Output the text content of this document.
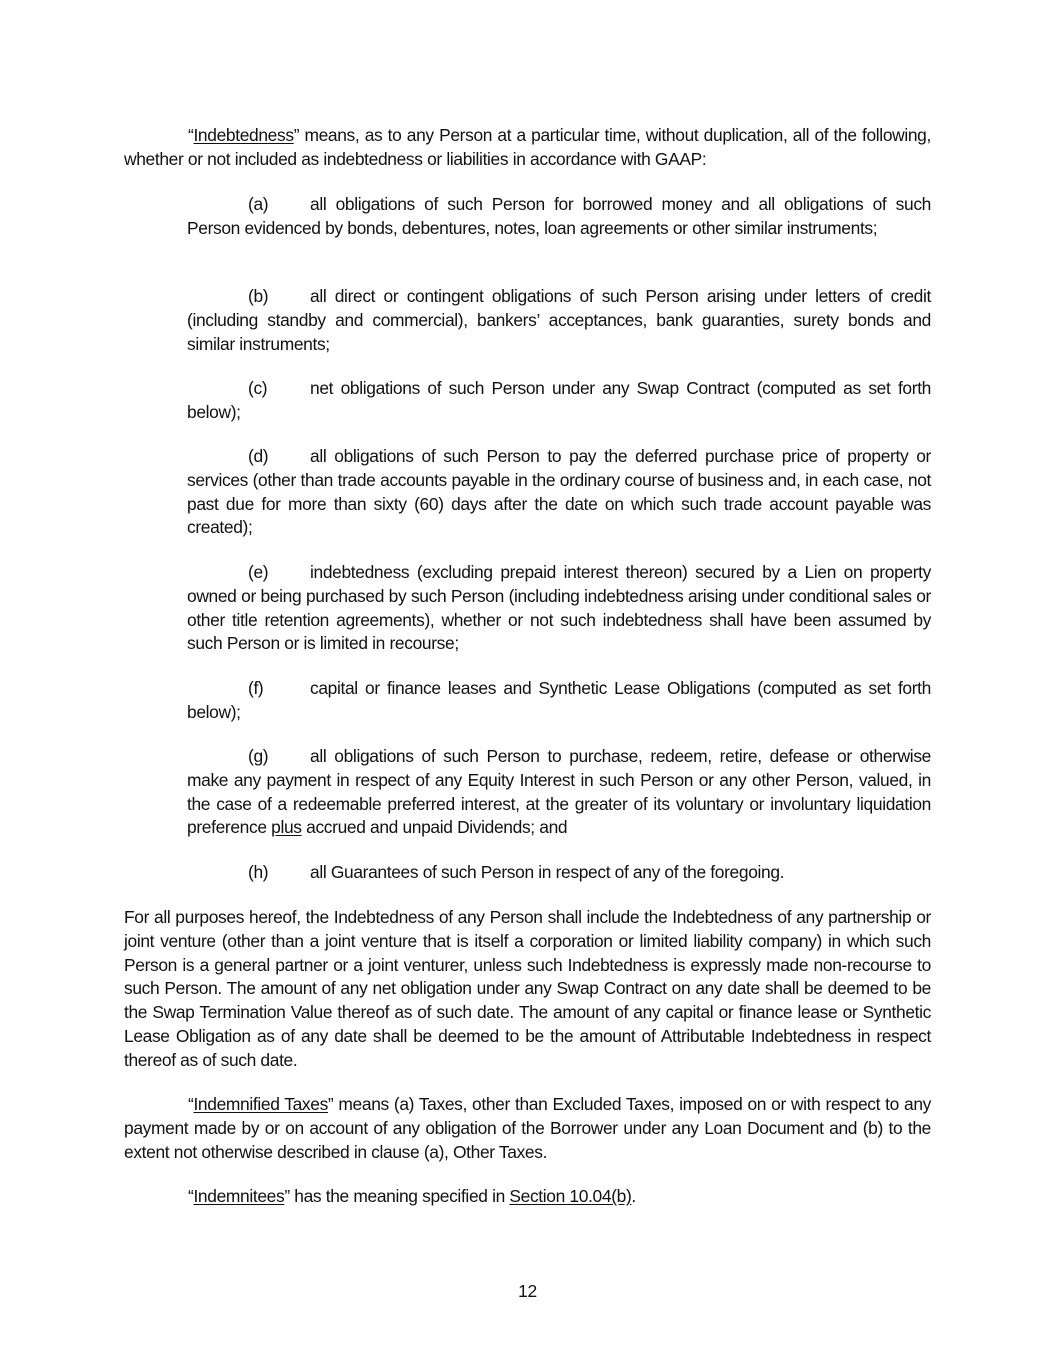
“Indebtedness” means, as to any Person at a particular time, without duplication, all of the following, whether or not included as indebtedness or liabilities in accordance with GAAP:

(a) all obligations of such Person for borrowed money and all obligations of such Person evidenced by bonds, debentures, notes, loan agreements or other similar instruments;

(b) all direct or contingent obligations of such Person arising under letters of credit (including standby and commercial), bankers’ acceptances, bank guaranties, surety bonds and similar instruments;

(c) net obligations of such Person under any Swap Contract (computed as set forth below);

(d) all obligations of such Person to pay the deferred purchase price of property or services (other than trade accounts payable in the ordinary course of business and, in each case, not past due for more than sixty (60) days after the date on which such trade account payable was created);

(e) indebtedness (excluding prepaid interest thereon) secured by a Lien on property owned or being purchased by such Person (including indebtedness arising under conditional sales or other title retention agreements), whether or not such indebtedness shall have been assumed by such Person or is limited in recourse;

(f)	capital or finance leases and Synthetic Lease Obligations (computed as set forth below);

(g) all obligations of such Person to purchase, redeem, retire, defease or otherwise make any payment in respect of any Equity Interest in such Person or any other Person, valued, in the case of a redeemable preferred interest, at the greater of its voluntary or involuntary liquidation preference plus accrued and unpaid Dividends; and

(h) all Guarantees of such Person in respect of any of the foregoing.

For all purposes hereof, the Indebtedness of any Person shall include the Indebtedness of any partnership or joint venture (other than a joint venture that is itself a corporation or limited liability company) in which such Person is a general partner or a joint venturer, unless such Indebtedness is expressly made non-recourse to such Person. The amount of any net obligation under any Swap Contract on any date shall be deemed to be the Swap Termination Value thereof as of such date. The amount of any capital or finance lease or Synthetic Lease Obligation as of any date shall be deemed to be the amount of Attributable Indebtedness in respect thereof as of such date.

“Indemnified Taxes” means (a) Taxes, other than Excluded Taxes, imposed on or with respect to any payment made by or on account of any obligation of the Borrower under any Loan Document and (b) to the extent not otherwise described in clause (a), Other Taxes.

“Indemnitees” has the meaning specified in Section 10.04(b).

12
